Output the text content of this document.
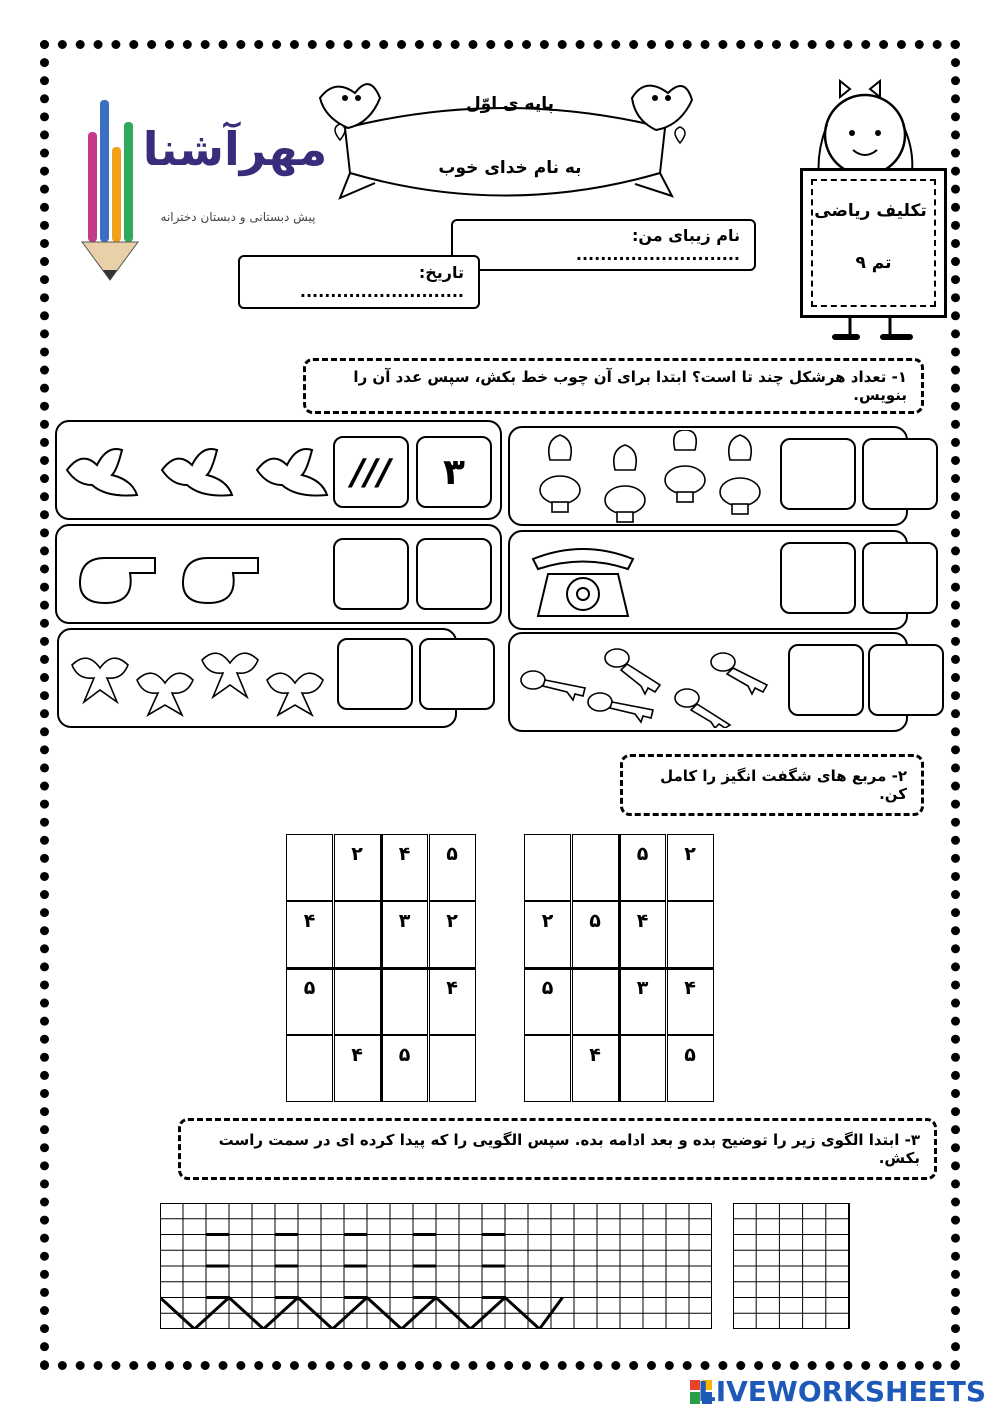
مهرآشنا
پیش دبستانی و دبستان دخترانه
پایه ی اوّل
به نام خدای خوب
تکلیف ریاضی
تم ۹
نام زیبای من: ...........................
تاریخ: ...........................
۱- تعداد هرشکل چند تا است؟ ابتدا برای آن چوب خط بکش، سپس عدد آن را بنویس.
/// ۳
۲- مربع های شگفت انگیز را کامل کن.
۵
۴
۲
۲
۳
۴
۴
۵
۵
۴
۲
۵
۴
۵
۲
۴
۳
۵
۵
۴
۳- ابتدا الگوی زیر را توضیح بده و بعد ادامه بده. سپس الگویی را که پیدا کرده ای در سمت راست بکش.
LIVEWORKSHEETS
